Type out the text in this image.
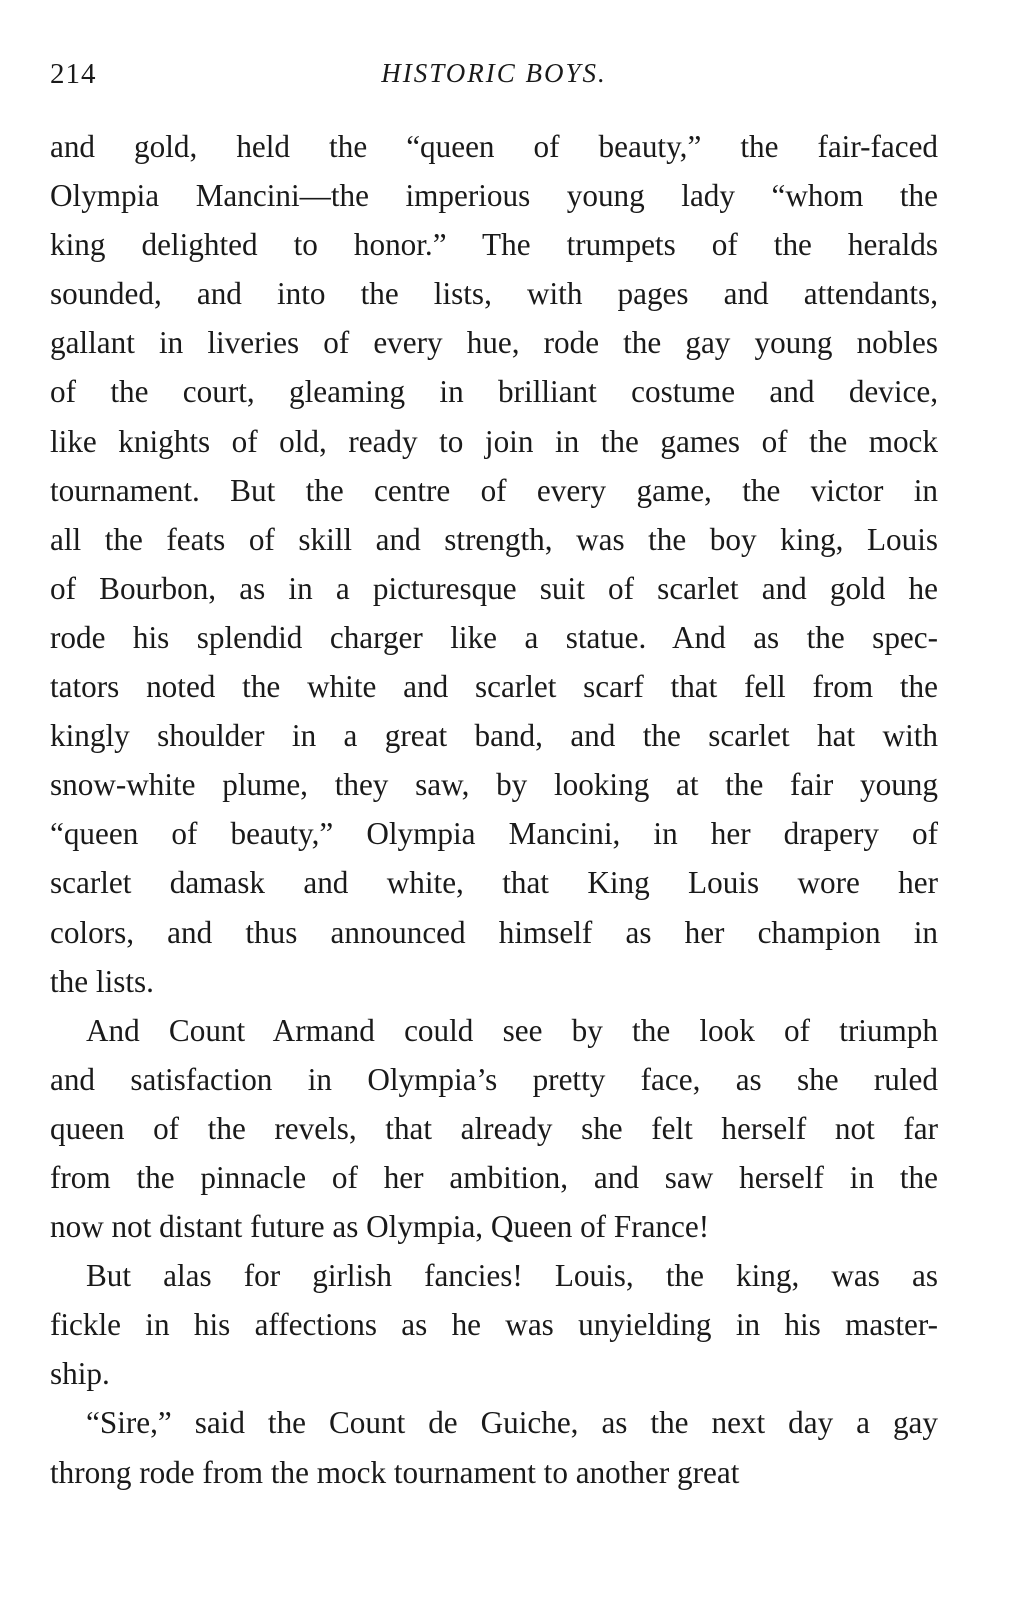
214	HISTORIC BOYS.
and gold, held the “queen of beauty,” the fair-faced
Olympia Mancini—the imperious young lady “whom the
king delighted to honor.” The trumpets of the heralds
sounded, and into the lists, with pages and attendants,
gallant in liveries of every hue, rode the gay young nobles
of the court, gleaming in brilliant costume and device,
like knights of old, ready to join in the games of the mock
tournament. But the centre of every game, the victor in
all the feats of skill and strength, was the boy king, Louis
of Bourbon, as in a picturesque suit of scarlet and gold he
rode his splendid charger like a statue. And as the spec-
tators noted the white and scarlet scarf that fell from the
kingly shoulder in a great band, and the scarlet hat with
snow-white plume, they saw, by looking at the fair young
“queen of beauty,” Olympia Mancini, in her drapery of
scarlet damask and white, that King Louis wore her
colors, and thus announced himself as her champion in
the lists.
And Count Armand could see by the look of triumph
and satisfaction in Olympia’s pretty face, as she ruled
queen of the revels, that already she felt herself not far
from the pinnacle of her ambition, and saw herself in the
now not distant future as Olympia, Queen of France!
But alas for girlish fancies! Louis, the king, was as
fickle in his affections as he was unyielding in his master-
ship.
“Sire,” said the Count de Guiche, as the next day a gay
throng rode from the mock tournament to another great
